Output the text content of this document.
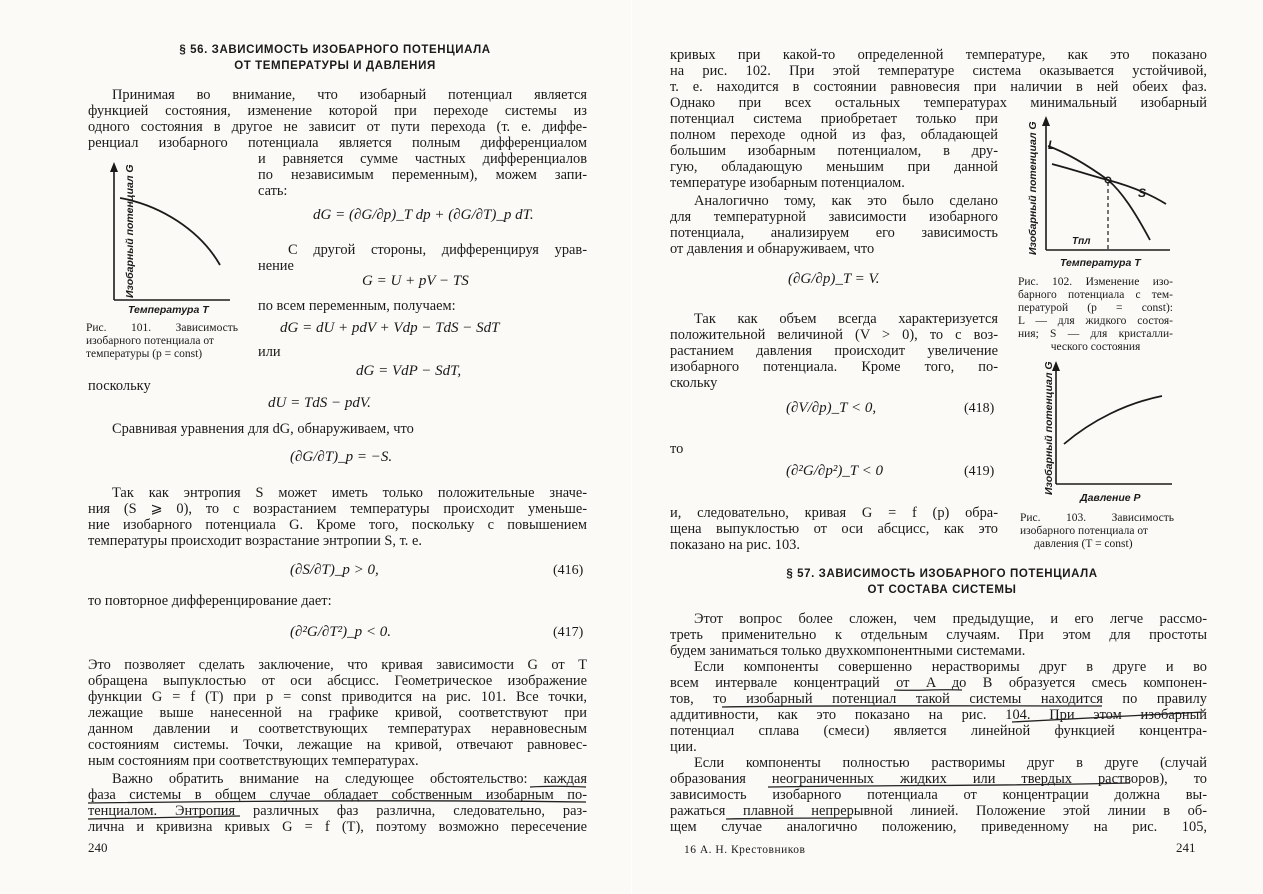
§ 56. ЗАВИСИМОСТЬ ИЗОБАРНОГО ПОТЕНЦИАЛА
ОТ ТЕМПЕРАТУРЫ И ДАВЛЕНИЯ
Принимая во внимание, что изобарный потенциал является
функцией состояния, изменение которой при переходе системы из
одного состояния в другое не зависит от пути перехода (т. е. диффе-
ренциал изобарного потенциала является полным дифференциалом
и равняется сумме частных дифференциалов
по независимым переменным), можем запи-
сать:
Изобарный потенциал G
Температура T
Рис. 101. Зависимость
изобарного потенциала от
температуры (p = const)
dG = (∂G/∂p)_T dp + (∂G/∂T)_p dT.
С другой стороны, дифференцируя урав-
нение
G = U + pV − TS
по всем переменным, получаем:
dG = dU + pdV + Vdp − TdS − SdT
или
dG = VdP − SdT,
поскольку
dU = TdS − pdV.
Сравнивая уравнения для dG, обнаруживаем, что
(∂G/∂T)_p = −S.
Так как энтропия S может иметь только положительные значе-
ния (S ⩾ 0), то с возрастанием температуры происходит уменьше-
ние изобарного потенциала G. Кроме того, поскольку с повышением
температуры происходит возрастание энтропии S, т. е.
(∂S/∂T)_p > 0,	(416)
то повторное дифференцирование дает:
(∂²G/∂T²)_p < 0.	(417)
Это позволяет сделать заключение, что кривая зависимости G от T
обращена выпуклостью от оси абсцисс. Геометрическое изображение
функции G = f (T) при p = const приводится на рис. 101. Все точки,
лежащие выше нанесенной на графике кривой, соответствуют при
данном давлении и соответствующих температурах неравновесным
состояниям системы. Точки, лежащие на кривой, отвечают равновес-
ным состояниям при соответствующих температурах.
Важно обратить внимание на следующее обстоятельство: каждая
фаза системы в общем случае обладает собственным изобарным по-
тенциалом. Энтропия различных фаз различна, следовательно, раз-
лична и кривизна кривых G = f (T), поэтому возможно пересечение
240
кривых при какой-то определенной температуре, как это показано
на рис. 102. При этой температуре система оказывается устойчивой,
т. е. находится в состоянии равновесия при наличии в ней обеих фаз.
Однако при всех остальных температурах минимальный изобарный
потенциал система приобретает только при
полном переходе одной из фаз, обладающей
большим изобарным потенциалом, в дру-
гую, обладающую меньшим при данной
температуре изобарным потенциалом.
Аналогично тому, как это было сделано
для температурной зависимости изобарного
потенциала, анализируем его зависимость
от давления и обнаруживаем, что
(∂G/∂p)_T = V.
Так как объем всегда характеризуется
положительной величиной (V > 0), то с воз-
растанием давления происходит увеличение
изобарного потенциала. Кроме того, по-
скольку
(∂V/∂p)_T < 0,	(418)
то
(∂²G/∂p²)_T < 0	(419)
и, следовательно, кривая G = f (p) обра-
щена выпуклостью от оси абсцисс, как это
показано на рис. 103.
L
S
Tпл
Изобарный потенциал G
Температура T
Рис. 102. Изменение изо-
барного потенциала с тем-
пературой (p = const):
L — для жидкого состоя-
ния; S — для кристалли-
ческого состояния
Изобарный потенциал G
Давление P
Рис. 103. Зависимость
изобарного потенциала от
давления (T = const)
§ 57. ЗАВИСИМОСТЬ ИЗОБАРНОГО ПОТЕНЦИАЛА
ОТ СОСТАВА СИСТЕМЫ
Этот вопрос более сложен, чем предыдущие, и его легче рассмо-
треть применительно к отдельным случаям. При этом для простоты
будем заниматься только двухкомпонентными системами.
Если компоненты совершенно нерастворимы друг в друге и во
всем интервале концентраций от A до B образуется смесь компонен-
тов, то изобарный потенциал такой системы находится по правилу
аддитивности, как это показано на рис. 104. При этом изобарный
потенциал сплава (смеси) является линейной функцией концентра-
ции.
Если компоненты полностью растворимы друг в друге (случай
образования неограниченных жидких или твердых растворов), то
зависимость изобарного потенциала от концентрации должна вы-
ражаться плавной непрерывной линией. Положение этой линии в об-
щем случае аналогично положению, приведенному на рис. 105,
16 А. Н. Крестовников	241
